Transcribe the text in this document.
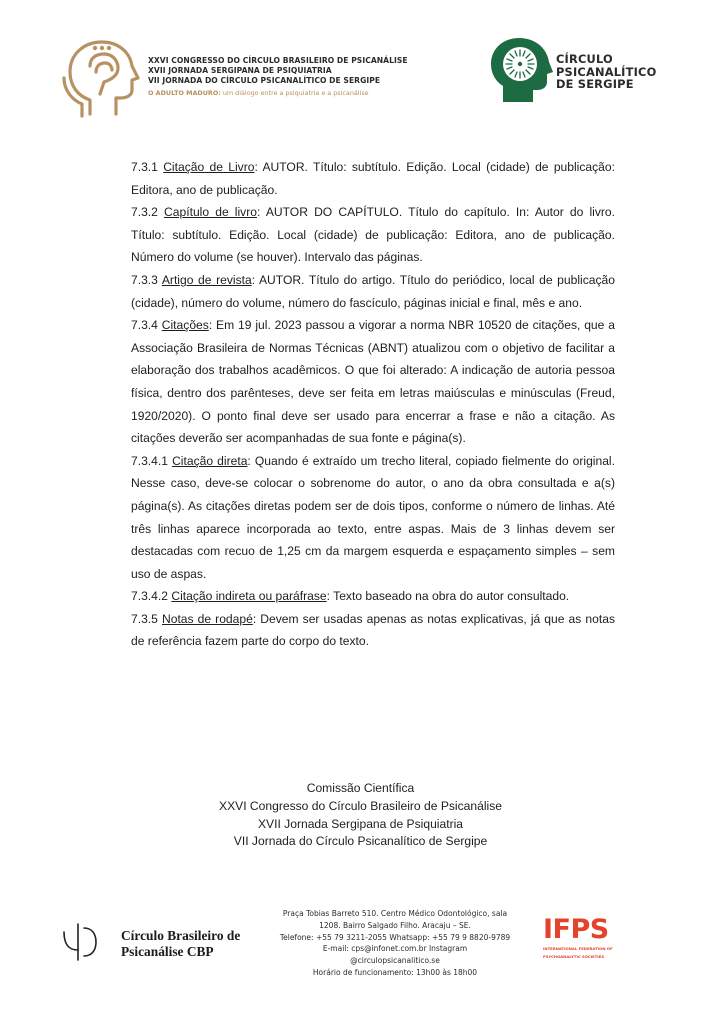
XXVI CONGRESSO DO CÍRCULO BRASILEIRO DE PSICANÁLISE
XVII JORNADA SERGIPANA DE PSIQUIATRIA
VII JORNADA DO CÍRCULO PSICANALÍTICO DE SERGIPE
O ADULTO MADURO: um diálogo entre a psiquiatria e a psicanálise
CÍRCULO
PSICANALÍTICO
DE SERGIPE

7.3.1 Citação de Livro: AUTOR. Título: subtítulo. Edição. Local (cidade) de publicação: Editora, ano de publicação.

7.3.2 Capítulo de livro: AUTOR DO CAPÍTULO. Título do capítulo. In: Autor do livro. Título: subtítulo. Edição. Local (cidade) de publicação: Editora, ano de publicação. Número do volume (se houver). Intervalo das páginas.

7.3.3 Artigo de revista: AUTOR. Título do artigo. Título do periódico, local de publicação (cidade), número do volume, número do fascículo, páginas inicial e final, mês e ano.

7.3.4 Citações: Em 19 jul. 2023 passou a vigorar a norma NBR 10520 de citações, que a Associação Brasileira de Normas Técnicas (ABNT) atualizou com o objetivo de facilitar a elaboração dos trabalhos acadêmicos. O que foi alterado: A indicação de autoria pessoa física, dentro dos parênteses, deve ser feita em letras maiúsculas e minúsculas (Freud, 1920/2020). O ponto final deve ser usado para encerrar a frase e não a citação. As citações deverão ser acompanhadas de sua fonte e página(s).

7.3.4.1 Citação direta: Quando é extraído um trecho literal, copiado fielmente do original. Nesse caso, deve-se colocar o sobrenome do autor, o ano da obra consultada e a(s) página(s). As citações diretas podem ser de dois tipos, conforme o número de linhas. Até três linhas aparece incorporada ao texto, entre aspas. Mais de 3 linhas devem ser destacadas com recuo de 1,25 cm da margem esquerda e espaçamento simples – sem uso de aspas.

7.3.4.2 Citação indireta ou paráfrase: Texto baseado na obra do autor consultado.

7.3.5 Notas de rodapé: Devem ser usadas apenas as notas explicativas, já que as notas de referência fazem parte do corpo do texto.

Comissão Científica
XXVI Congresso do Círculo Brasileiro de Psicanálise
XVII Jornada Sergipana de Psiquiatria
VII Jornada do Círculo Psicanalítico de Sergipe
Círculo Brasileiro de
Psicanálise CBP
Praça Tobias Barreto 510. Centro Médico Odontológico, sala
1208. Bairro Salgado Filho. Aracaju – SE.
Telefone: +55 79 3211-2055 Whatsapp: +55 79 9 8820-9789
E-mail: cps@infonet.com.br Instagram
@circulopsicanalitico.se
Horário de funcionamento: 13h00 às 18h00
IFPS
INTERNATIONAL FEDERATION OF
PSYCHOANALYTIC SOCIETIES
